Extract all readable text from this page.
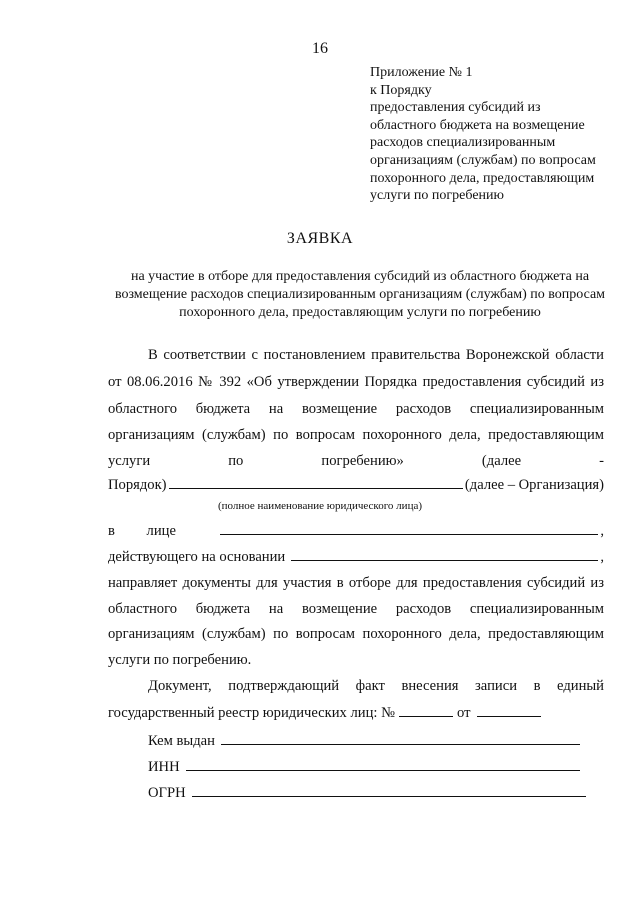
16
Приложение № 1
к Порядку
предоставления субсидий из
областного бюджета на возмещение
расходов специализированным
организациям (службам) по вопросам
похоронного дела, предоставляющим
услуги по погребению
ЗАЯВКА
на участие в отборе для предоставления субсидий из областного бюджета на возмещение расходов специализированным организациям (службам) по вопросам похоронного дела, предоставляющим услуги по погребению
В соответствии с постановлением правительства Воронежской области
от 08.06.2016 № 392 «Об утверждении Порядка предоставления субсидий из
областного бюджета на возмещение расходов специализированным
организациям (службам) по вопросам похоронного дела, предоставляющим
услуги по погребению» (далее -
Порядок)	(далее – Организация)
(полное наименование юридического лица)
в лице	,
действующего на основании	,
направляет документы для участия в отборе для предоставления субсидий из
областного бюджета на возмещение расходов специализированным
организациям (службам) по вопросам похоронного дела, предоставляющим
услуги по погребению.
Документ, подтверждающий факт внесения записи в единый
государственный реестр юридических лиц: №	от
Кем выдан
ИНН
ОГРН
